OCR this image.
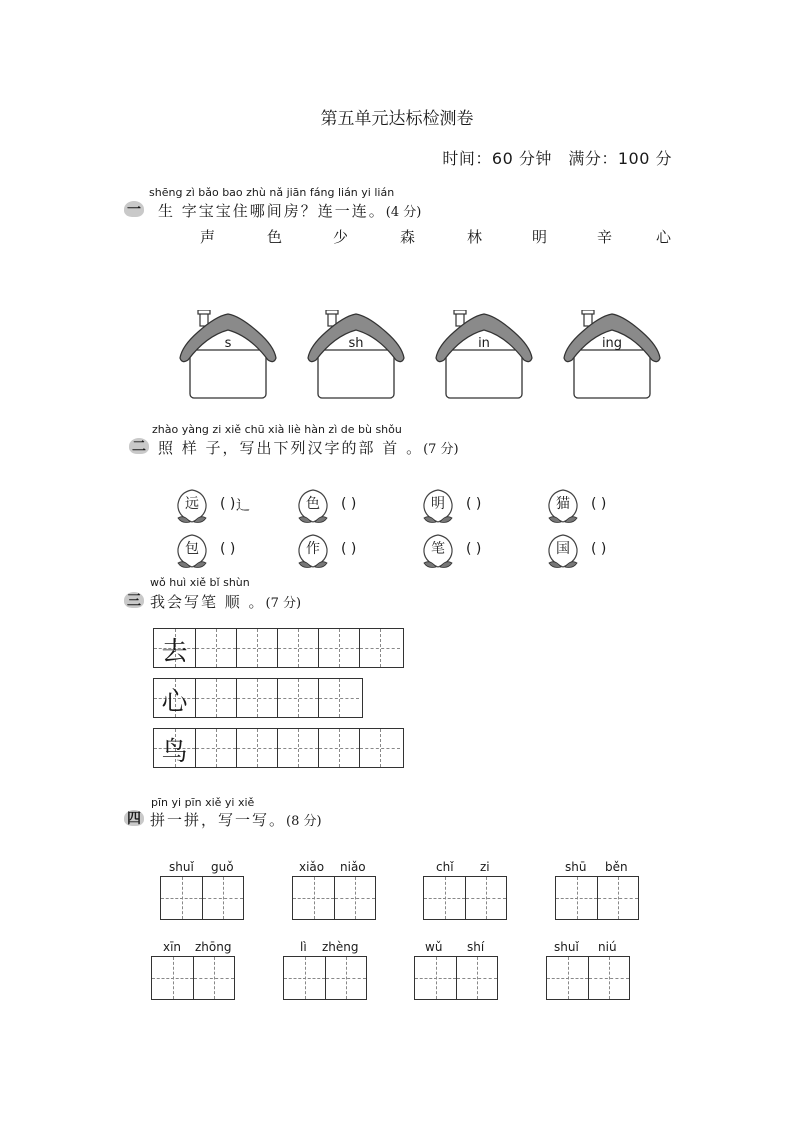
第五单元达标检测卷
时间：60 分钟　满分：100 分
shēng zì bǎo bao zhù nǎ jiān fáng lián yi lián
一 生 字宝宝住哪间房？连一连。(4 分)
声	色	少	森	林	明	辛	心
s	sh	in	ing
zhào yàng zi xiě chū xià liè hàn zì de bù shǒu
二 照 样 子，写出下列汉字的部 首 。(7 分)
远	( ) 辶	色	( )	明	( )	猫	( )
包	( )	作	( )	笔	( )	国	( )
wǒ huì xiě bǐ shùn
三 我会写笔 顺 。(7 分)
去
心
鸟
pīn yi pīn xiě yi xiě
四 拼一拼，写一写。(8 分)
shuǐ guǒ	xiǎo niǎo	chǐ zi	shū běn
xīn zhōng	lì zhèng	wǔ shí	shuǐ niú
